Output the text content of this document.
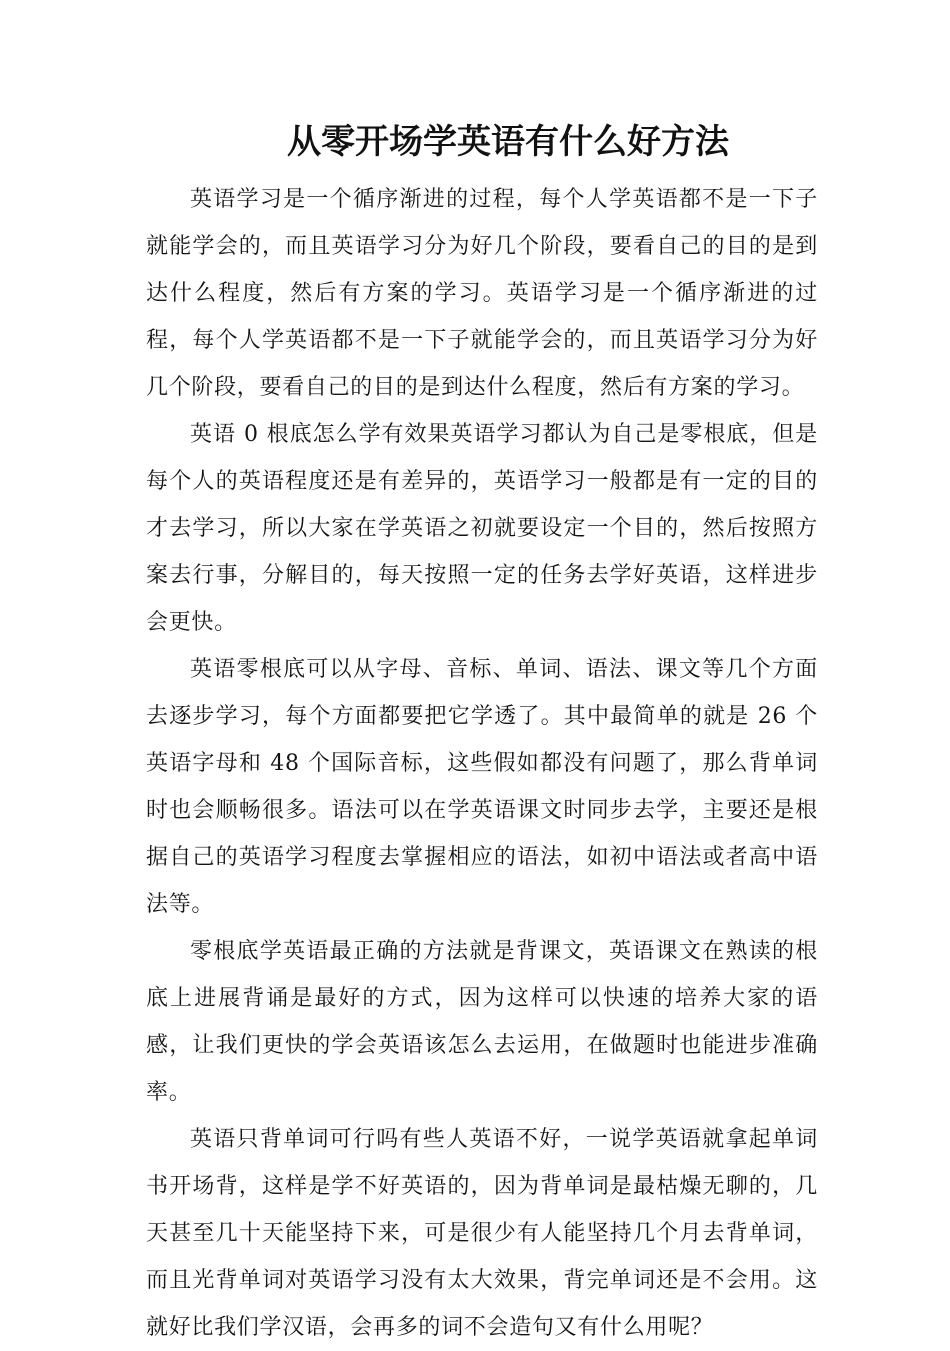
从零开场学英语有什么好方法

英语学习是一个循序渐进的过程，每个人学英语都不是一下子就能学会的，而且英语学习分为好几个阶段，要看自己的目的是到达什么程度，然后有方案的学习。英语学习是一个循序渐进的过程，每个人学英语都不是一下子就能学会的，而且英语学习分为好几个阶段，要看自己的目的是到达什么程度，然后有方案的学习。

英语 0 根底怎么学有效果英语学习都认为自己是零根底，但是每个人的英语程度还是有差异的，英语学习一般都是有一定的目的才去学习，所以大家在学英语之初就要设定一个目的，然后按照方案去行事，分解目的，每天按照一定的任务去学好英语，这样进步会更快。

英语零根底可以从字母、音标、单词、语法、课文等几个方面去逐步学习，每个方面都要把它学透了。其中最简单的就是 26 个英语字母和 48 个国际音标，这些假如都没有问题了，那么背单词时也会顺畅很多。语法可以在学英语课文时同步去学，主要还是根据自己的英语学习程度去掌握相应的语法，如初中语法或者高中语法等。

零根底学英语最正确的方法就是背课文，英语课文在熟读的根底上进展背诵是最好的方式，因为这样可以快速的培养大家的语感，让我们更快的学会英语该怎么去运用，在做题时也能进步准确率。

英语只背单词可行吗有些人英语不好，一说学英语就拿起单词书开场背，这样是学不好英语的，因为背单词是最枯燥无聊的，几天甚至几十天能坚持下来，可是很少有人能坚持几个月去背单词，而且光背单词对英语学习没有太大效果，背完单词还是不会用。这就好比我们学汉语，会再多的词不会造句又有什么用呢？
